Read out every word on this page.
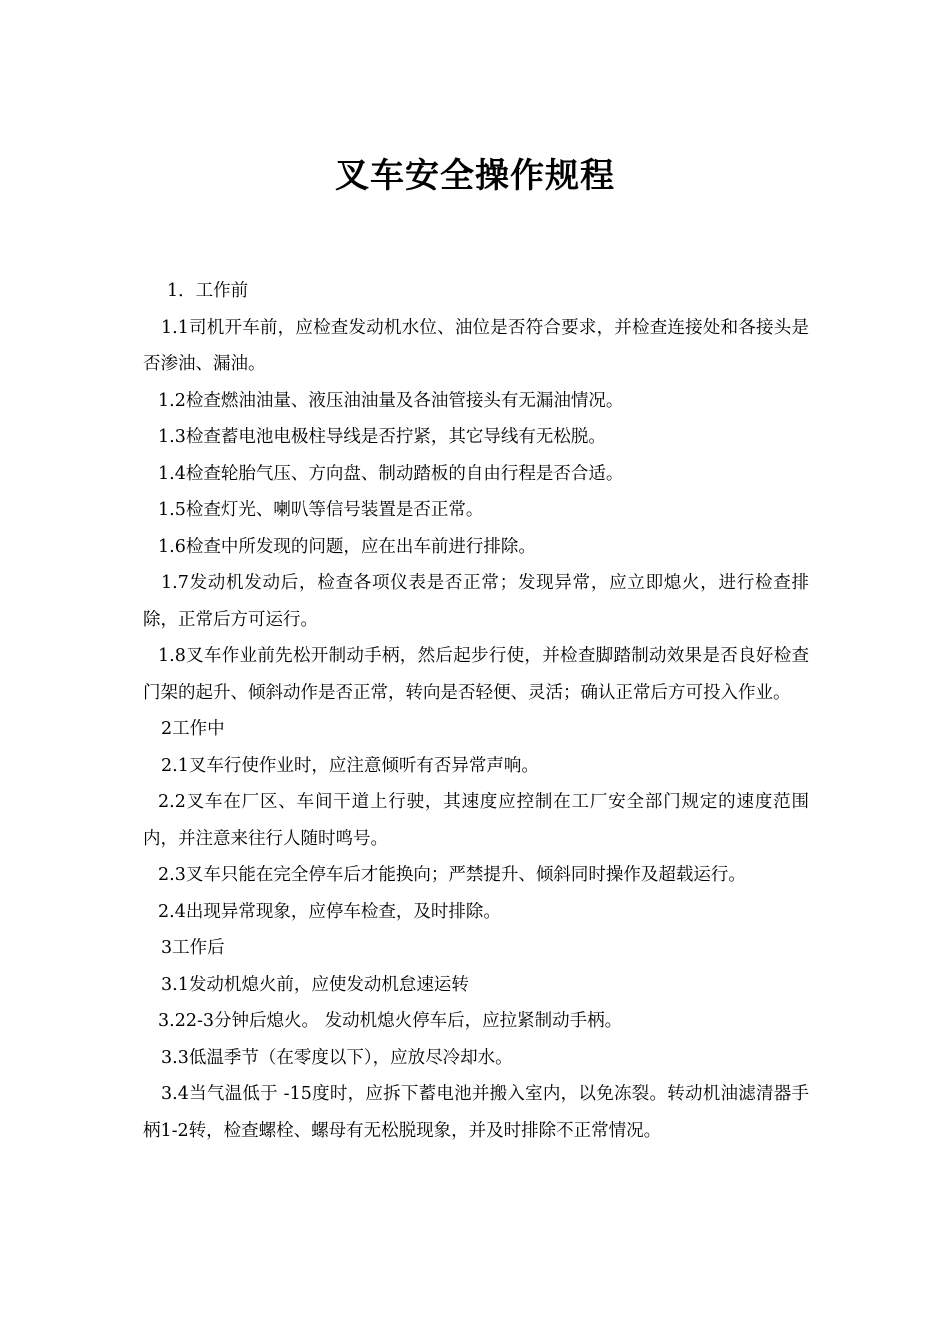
叉车安全操作规程

1．工作前

1.1司机开车前，应检查发动机水位、油位是否符合要求，并检查连接处和各接头是否渗油、漏油。

1.2检查燃油油量、液压油油量及各油管接头有无漏油情况。

1.3检查蓄电池电极柱导线是否拧紧，其它导线有无松脱。

1.4检查轮胎气压、方向盘、制动踏板的自由行程是否合适。

1.5检查灯光、喇叭等信号装置是否正常。

1.6检查中所发现的问题，应在出车前进行排除。

1.7发动机发动后，检查各项仪表是否正常；发现异常，应立即熄火，进行检查排除，正常后方可运行。

1.8叉车作业前先松开制动手柄，然后起步行使，并检查脚踏制动效果是否良好检查门架的起升、倾斜动作是否正常，转向是否轻便、灵活；确认正常后方可投入作业。

2工作中

2.1叉车行使作业时，应注意倾听有否异常声响。

2.2叉车在厂区、车间干道上行驶，其速度应控制在工厂安全部门规定的速度范围内，并注意来往行人随时鸣号。

2.3叉车只能在完全停车后才能换向；严禁提升、倾斜同时操作及超载运行。

2.4出现异常现象，应停车检查，及时排除。

3工作后

3.1发动机熄火前，应使发动机怠速运转

3.22-3分钟后熄火。 发动机熄火停车后，应拉紧制动手柄。

3.3低温季节（在零度以下），应放尽冷却水。

3.4当气温低于 -15度时，应拆下蓄电池并搬入室内，以免冻裂。转动机油滤清器手柄1-2转，检查螺栓、螺母有无松脱现象，并及时排除不正常情况。
